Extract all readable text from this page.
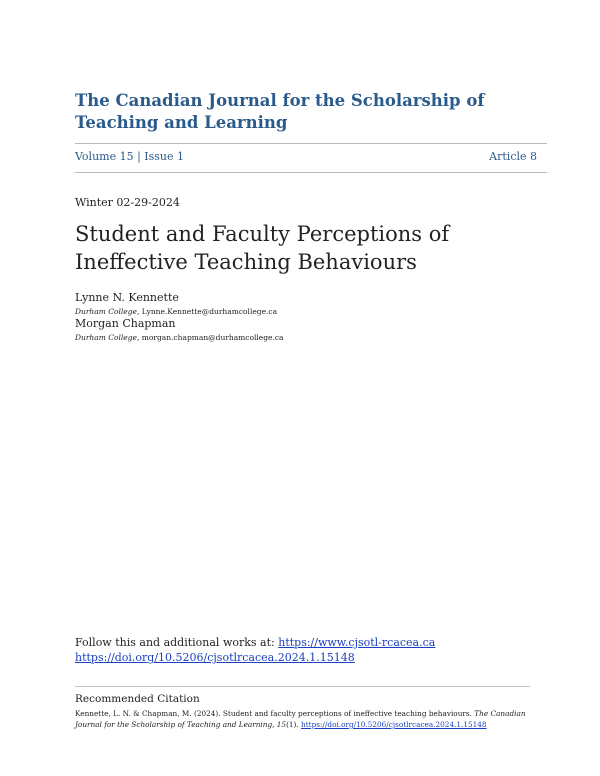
The Canadian Journal for the Scholarship of Teaching and Learning
Volume 15 | Issue 1	Article 8
Winter 02-29-2024
Student and Faculty Perceptions of Ineffective Teaching Behaviours
Lynne N. Kennette
Durham College, Lynne.Kennette@durhamcollege.ca
Morgan Chapman
Durham College, morgan.chapman@durhamcollege.ca
Follow this and additional works at: https://www.cjsotl-rcacea.ca
https://doi.org/10.5206/cjsotlrcacea.2024.1.15148
Recommended Citation
Kennette, L. N. & Chapman, M. (2024). Student and faculty perceptions of ineffective teaching behaviours. The Canadian Journal for the Scholarship of Teaching and Learning, 15(1). https://doi.org/10.5206/cjsotlrcacea.2024.1.15148
